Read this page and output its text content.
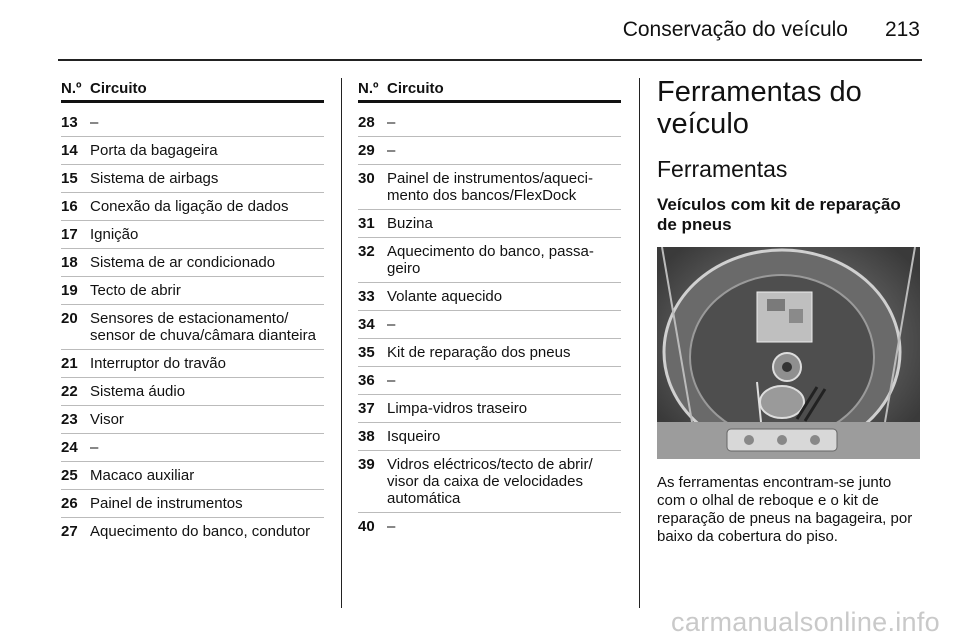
Conservação do veículo 213
N.º Circuito
13 –
14 Porta da bagageira
15 Sistema de airbags
16 Conexão da ligação de dados
17 Ignição
18 Sistema de ar condicionado
19 Tecto de abrir
20 Sensores de estacionamento/ sensor de chuva/câmara dianteira
21 Interruptor do travão
22 Sistema áudio
23 Visor
24 –
25 Macaco auxiliar
26 Painel de instrumentos
27 Aquecimento do banco, condutor
N.º Circuito
28 –
29 –
30 Painel de instrumentos/aquecimento dos bancos/FlexDock
31 Buzina
32 Aquecimento do banco, passageiro
33 Volante aquecido
34 –
35 Kit de reparação dos pneus
36 –
37 Limpa-vidros traseiro
38 Isqueiro
39 Vidros eléctricos/tecto de abrir/ visor da caixa de velocidades automática
40 –
Ferramentas do veículo
Ferramentas
Veículos com kit de reparação de pneus
As ferramentas encontram-se junto com o olhal de reboque e o kit de reparação de pneus na bagageira, por baixo da cobertura do piso.
carmanualsonline.info
